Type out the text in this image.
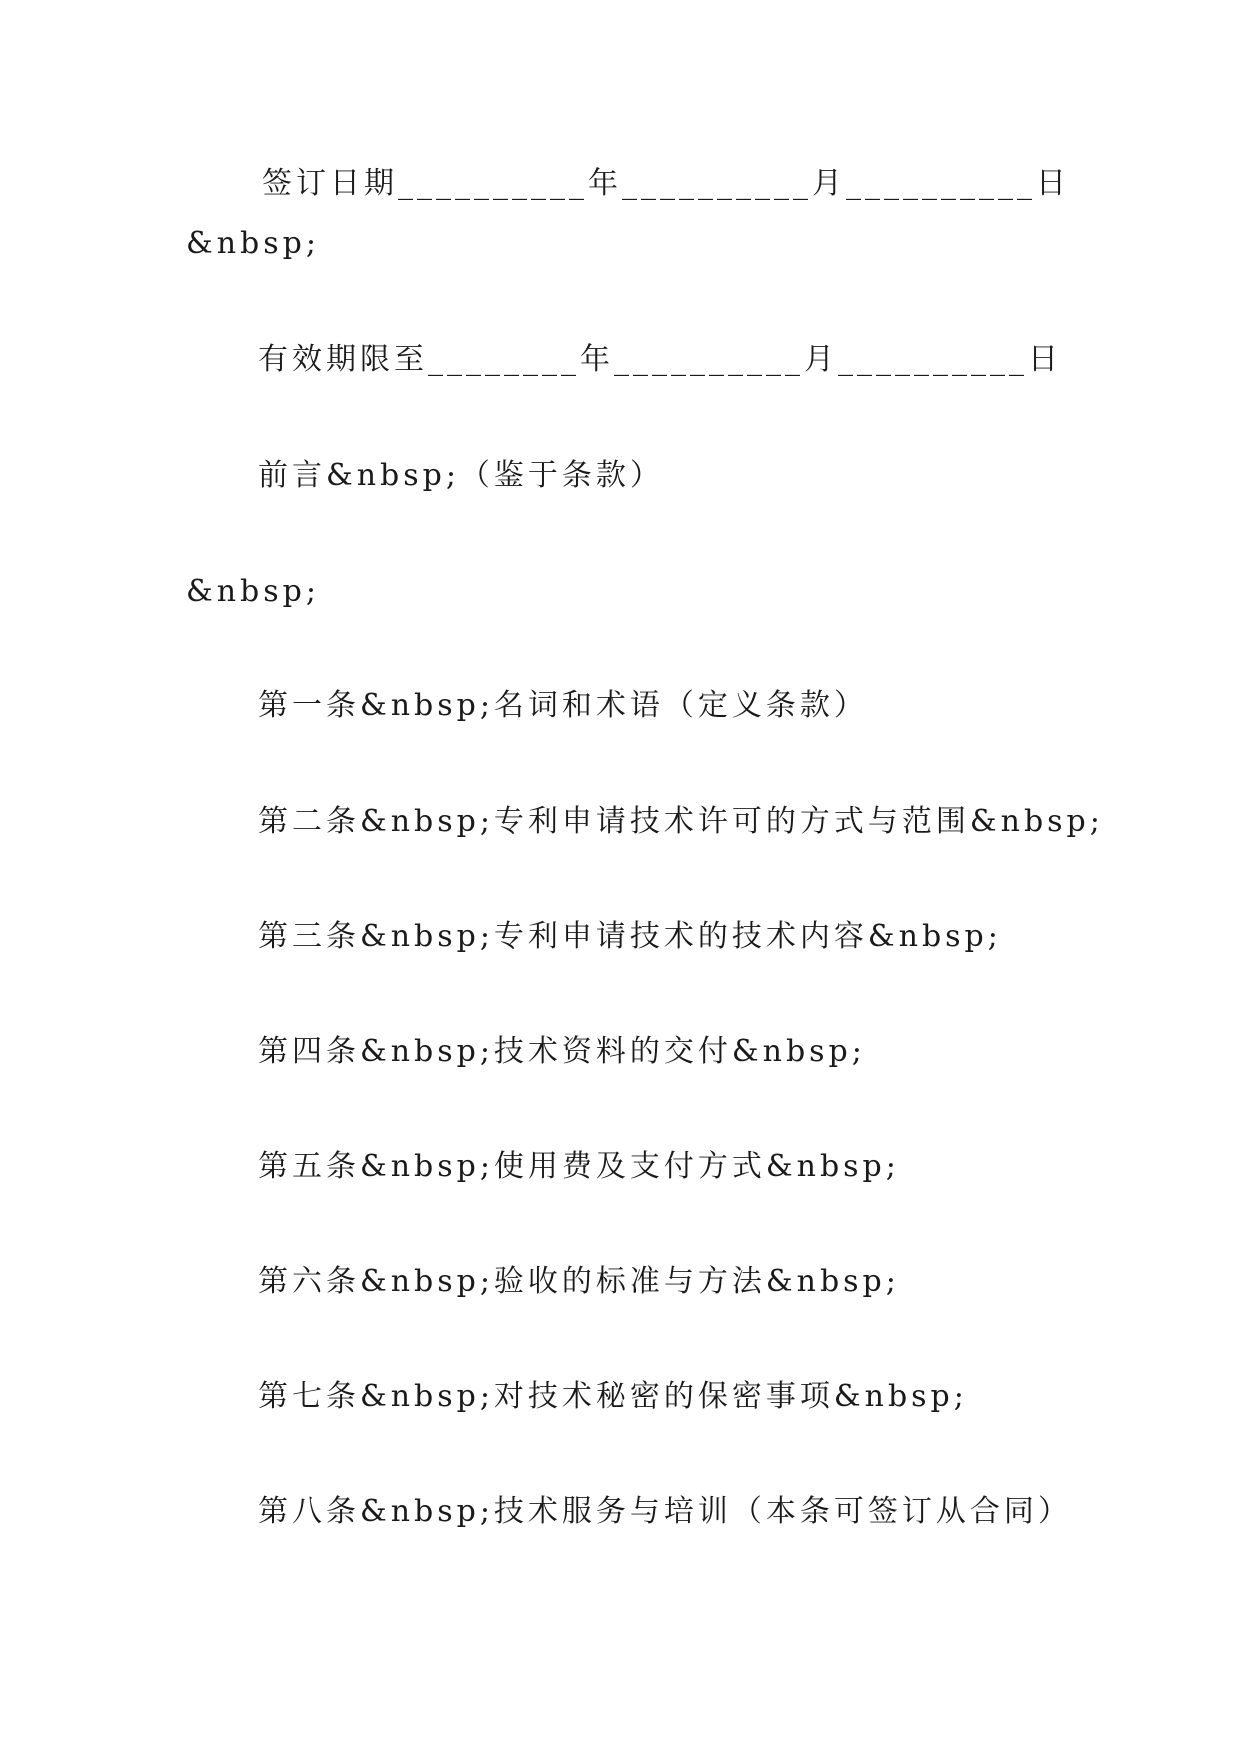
签订日期__________年__________月__________日
&nbsp;
有效期限至________年__________月__________日
前言&nbsp;（鉴于条款）
&nbsp;
第一条&nbsp;名词和术语（定义条款）
第二条&nbsp;专利申请技术许可的方式与范围&nbsp;
第三条&nbsp;专利申请技术的技术内容&nbsp;
第四条&nbsp;技术资料的交付&nbsp;
第五条&nbsp;使用费及支付方式&nbsp;
第六条&nbsp;验收的标准与方法&nbsp;
第七条&nbsp;对技术秘密的保密事项&nbsp;
第八条&nbsp;技术服务与培训（本条可签订从合同）
